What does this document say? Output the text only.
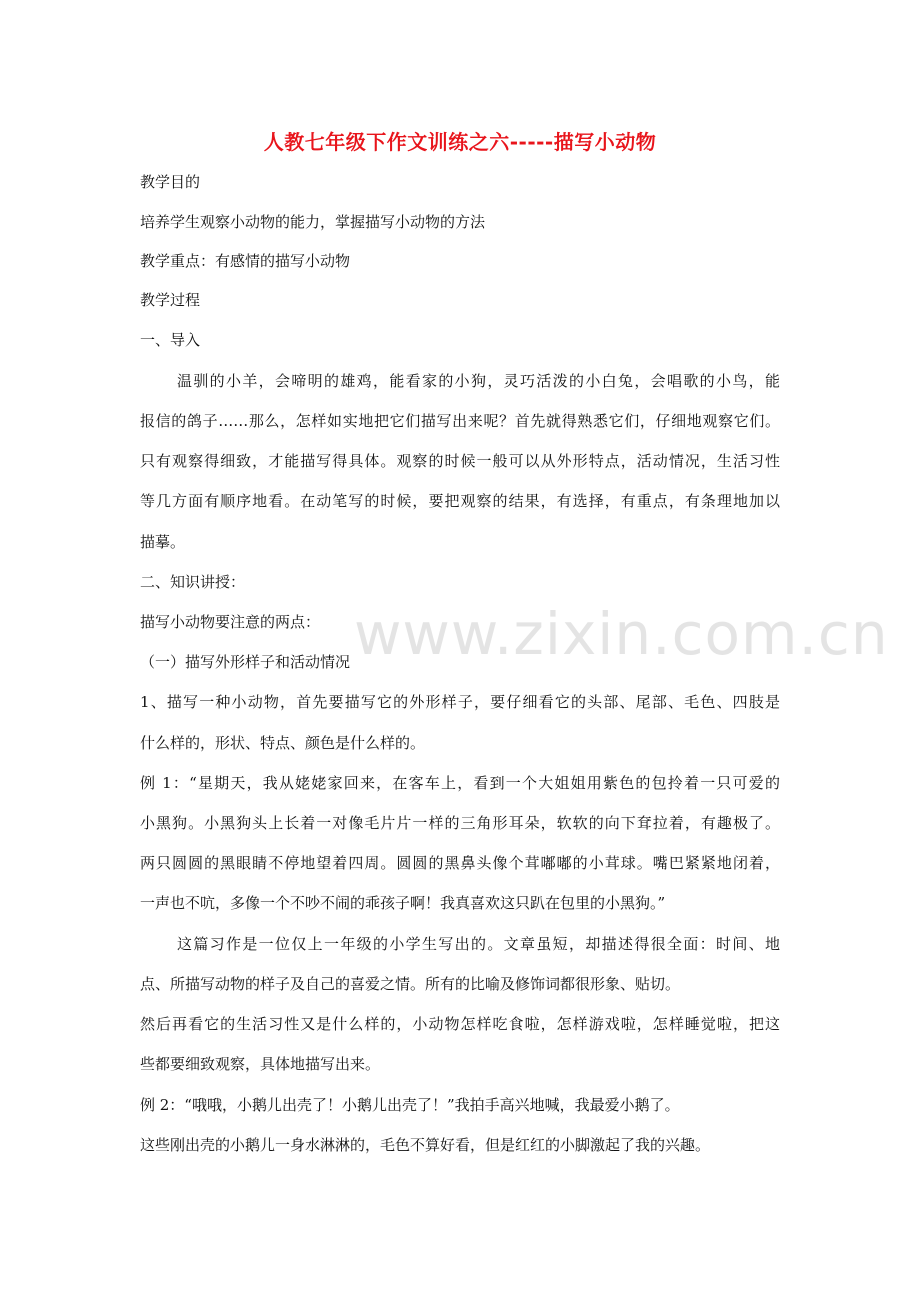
www.zixin.com.cn
人教七年级下作文训练之六-----描写小动物
教学目的
培养学生观察小动物的能力，掌握描写小动物的方法
教学重点：有感情的描写小动物
教学过程
一、导入
温驯的小羊，会啼明的雄鸡，能看家的小狗，灵巧活泼的小白兔，会唱歌的小鸟，能
报信的鸽子……那么，怎样如实地把它们描写出来呢？首先就得熟悉它们，仔细地观察它们。
只有观察得细致，才能描写得具体。观察的时候一般可以从外形特点，活动情况，生活习性
等几方面有顺序地看。在动笔写的时候，要把观察的结果，有选择，有重点，有条理地加以
描摹。
二、知识讲授：
描写小动物要注意的两点：
（一）描写外形样子和活动情况
1、描写一种小动物，首先要描写它的外形样子，要仔细看它的头部、尾部、毛色、四肢是
什么样的，形状、特点、颜色是什么样的。
例 1：“星期天，我从姥姥家回来，在客车上，看到一个大姐姐用紫色的包拎着一只可爱的
小黑狗。小黑狗头上长着一对像毛片片一样的三角形耳朵，软软的向下耷拉着，有趣极了。
两只圆圆的黑眼睛不停地望着四周。圆圆的黑鼻头像个茸嘟嘟的小茸球。嘴巴紧紧地闭着，
一声也不吭，多像一个不吵不闹的乖孩子啊！我真喜欢这只趴在包里的小黑狗。”
这篇习作是一位仅上一年级的小学生写出的。文章虽短，却描述得很全面：时间、地
点、所描写动物的样子及自己的喜爱之情。所有的比喻及修饰词都很形象、贴切。
然后再看它的生活习性又是什么样的，小动物怎样吃食啦，怎样游戏啦，怎样睡觉啦，把这
些都要细致观察，具体地描写出来。
例 2：“哦哦，小鹅儿出壳了！小鹅儿出壳了！”我拍手高兴地喊，我最爱小鹅了。
这些刚出壳的小鹅儿一身水淋淋的，毛色不算好看，但是红红的小脚激起了我的兴趣。
